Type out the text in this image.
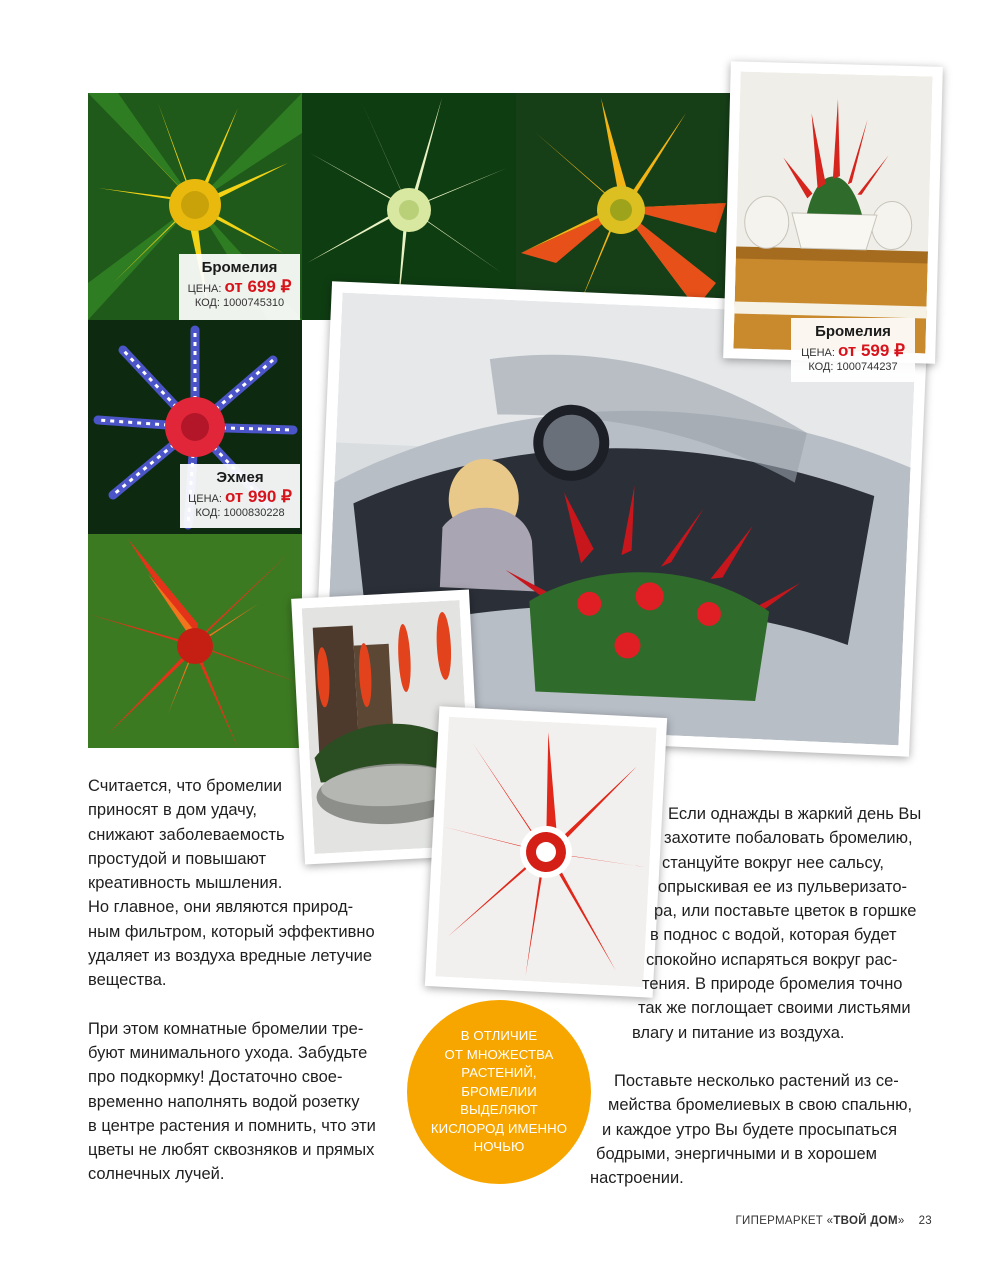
Бромелия
ЦЕНА: от 699 ₽
КОД: 1000745310
Бромелия
ЦЕНА: от 599 ₽
КОД: 1000744237
Эхмея
ЦЕНА: от 990 ₽
КОД: 1000830228
Считается, что бромелии
приносят в дом удачу,
снижают заболеваемость
простудой и повышают
креативность мышления.
Но главное, они являются природ-
ным фильтром, который эффективно
удаляет из воздуха вредные летучие
вещества.
При этом комнатные бромелии тре-
буют минимального ухода. Забудьте
про подкормку! Достаточно свое-
временно наполнять водой розетку
в центре растения и помнить, что эти
цветы не любят сквозняков и прямых
солнечных лучей.
Если однажды в жаркий день Вы
захотите побаловать бромелию,
станцуйте вокруг нее сальсу,
опрыскивая ее из пульверизато-
ра, или поставьте цветок в горшке
в поднос с водой, которая будет
спокойно испаряться вокруг рас-
тения. В природе бромелия точно
так же поглощает своими листьями
влагу и питание из воздуха.
Поставьте несколько растений из се-
мейства бромелиевых в свою спальню,
и каждое утро Вы будете просыпаться
бодрыми, энергичными и в хорошем
настроении.
В ОТЛИЧИЕ
ОТ МНОЖЕСТВА
РАСТЕНИЙ,
БРОМЕЛИИ
ВЫДЕЛЯЮТ
КИСЛОРОД ИМЕННО
НОЧЬЮ
ГИПЕРМАРКЕТ «ТВОЙ ДОМ» 23
